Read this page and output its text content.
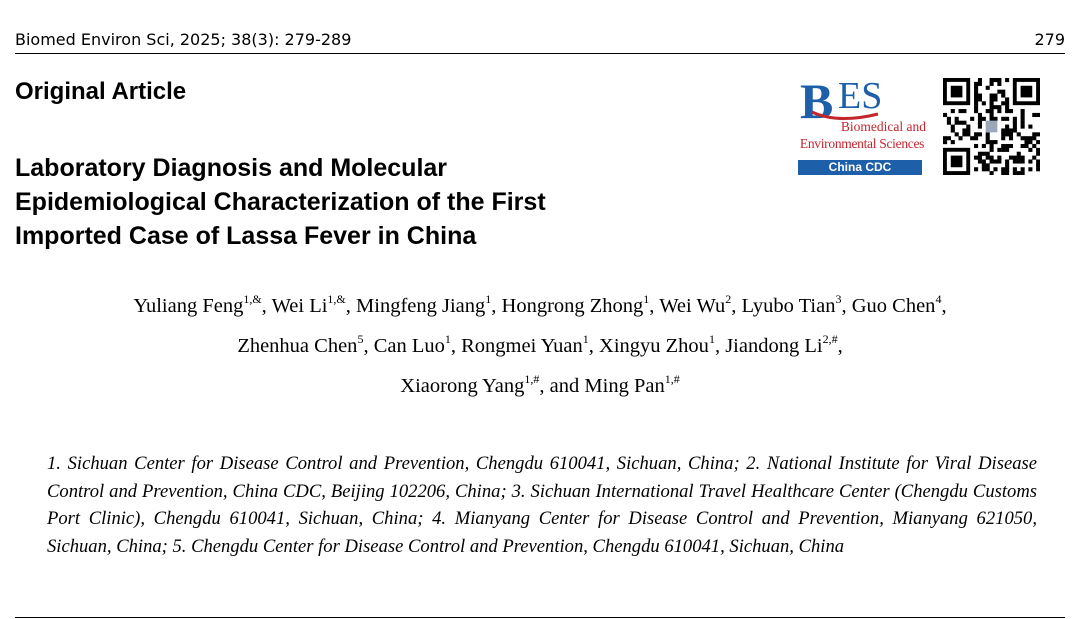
Biomed Environ Sci, 2025; 38(3): 279-289	279
Original Article
Laboratory Diagnosis and Molecular
Epidemiological Characterization of the First
Imported Case of Lassa Fever in China
B ES
Biomedical and
Environmental Sciences
China CDC
Yuliang Feng$^{1,\&}$, Wei $Li^{1,\&}$, Mingfeng Jiang$^1$, Hongrong Zhong$^1$, Wei Wu$^2$, Lyubo Tian$^3$, Guo Chen$^4$,
Zhenhua Chen$^5$, Can Luo$^1$, Rongmei Yuan$^1$, Xingyu Zhou$^1$, Jiandong $Li^{2,\#}$,
Xiaorong Yang$^{1,\#}$, and Ming Pan$^{1,\#}$
1. Sichuan Center for Disease Control and Prevention, Chengdu 610041, Sichuan, China; 2. National Institute for Viral Disease Control and Prevention, China CDC, Beijing 102206, China; 3. Sichuan International Travel Healthcare Center (Chengdu Customs Port Clinic), Chengdu 610041, Sichuan, China; 4. Mianyang Center for Disease Control and Prevention, Mianyang 621050, Sichuan, China; 5. Chengdu Center for Disease Control and Prevention, Chengdu 610041, Sichuan, China
